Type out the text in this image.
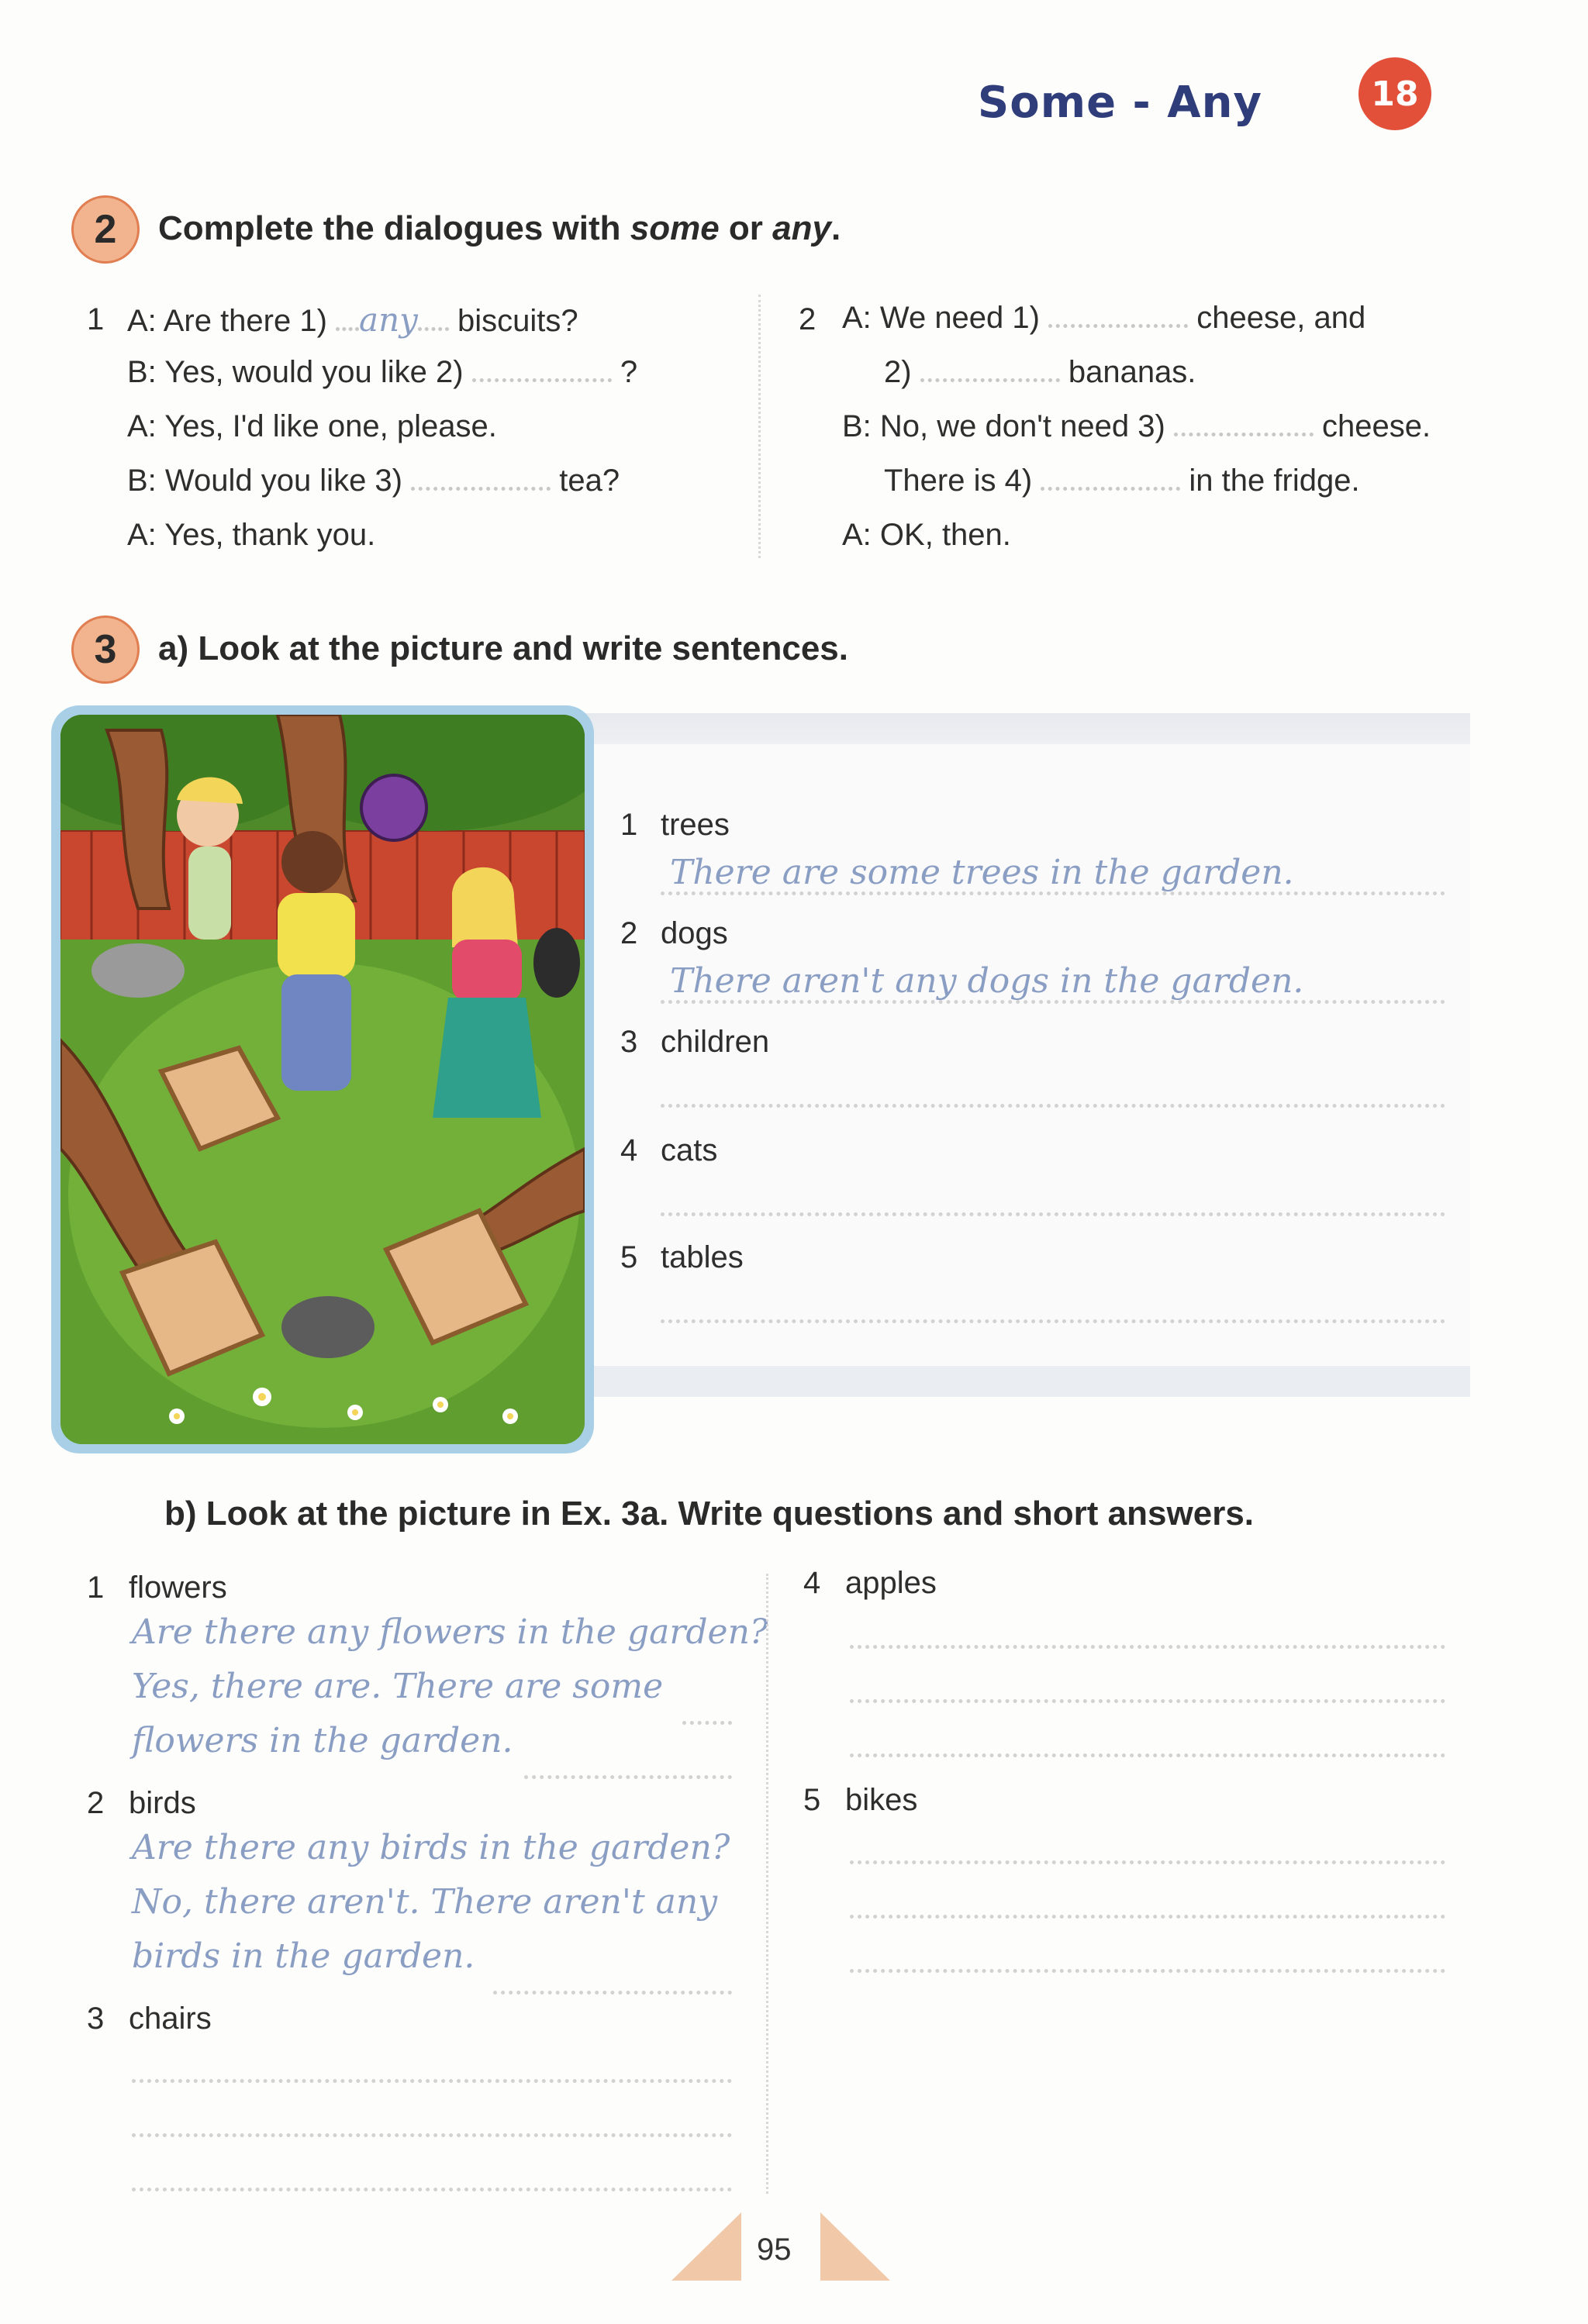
Some - Any	18
2	Complete the dialogues with some or any.
1 A: Are there 1) any biscuits?
B: Yes, would you like 2)	?
A: Yes, I'd like one, please.
B: Would you like 3)	tea?
A: Yes, thank you.
2 A: We need 1)	cheese, and
2)	bananas.
B: No, we don't need 3)	cheese.
There is 4)	in the fridge.
A: OK, then.
3	a) Look at the picture and write sentences.
1 trees
There are some trees in the garden.
2 dogs
There aren't any dogs in the garden.
3 children
4 cats
5 tables
b) Look at the picture in Ex. 3a. Write questions and short answers.
1 flowers
Are there any flowers in the garden?
Yes, there are. There are some
flowers in the garden.
2 birds
Are there any birds in the garden?
No, there aren't. There aren't any
birds in the garden.
3 chairs
4 apples
5 bikes
95
